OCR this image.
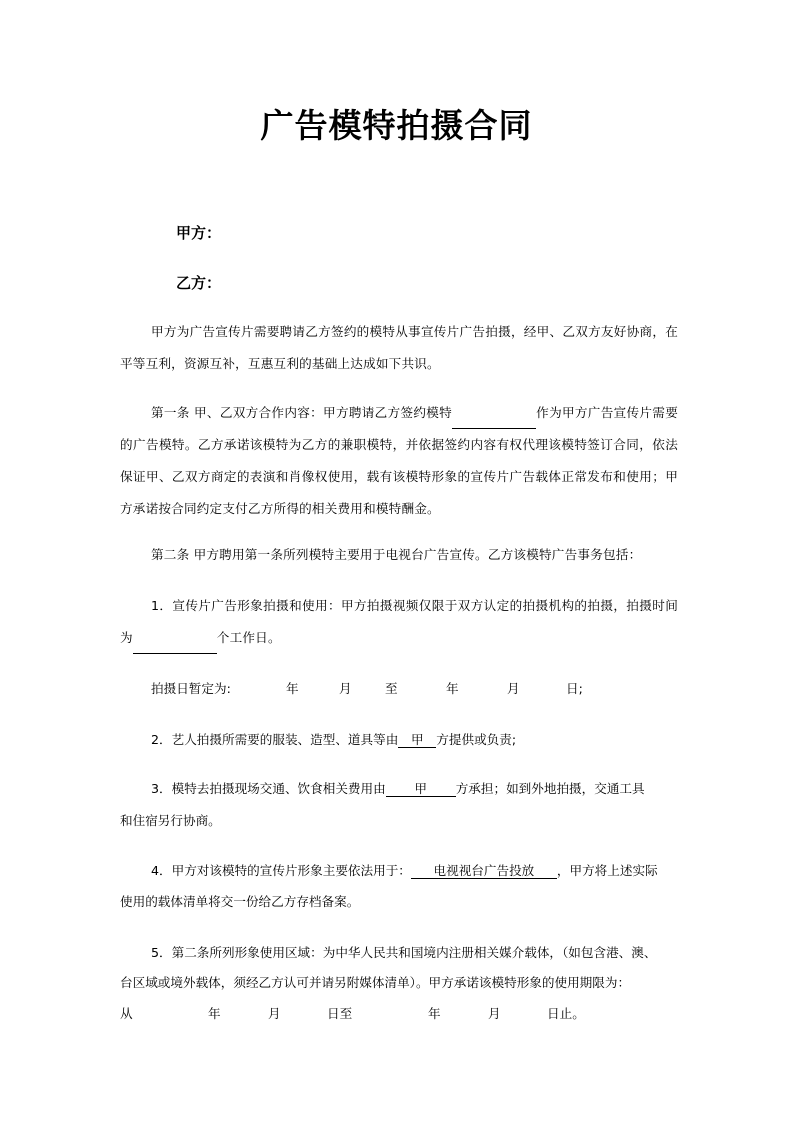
广告模特拍摄合同
甲方：
乙方：
甲方为广告宣传片需要聘请乙方签约的模特从事宣传片广告拍摄，经甲、乙双方友好协商，在平等互利，资源互补，互惠互利的基础上达成如下共识。
第一条 甲、乙双方合作内容：甲方聘请乙方签约模特	作为甲方广告宣传片需要的广告模特。乙方承诺该模特为乙方的兼职模特，并依据签约内容有权代理该模特签订合同，依法保证甲、乙双方商定的表演和肖像权使用，载有该模特形象的宣传片广告载体正常发布和使用；甲方承诺按合同约定支付乙方所得的相关费用和模特酬金。
第二条 甲方聘用第一条所列模特主要用于电视台广告宣传。乙方该模特广告事务包括：
1．宣传片广告形象拍摄和使用：甲方拍摄视频仅限于双方认定的拍摄机构的拍摄，拍摄时间为	个工作日。
拍摄日暂定为:	年	月	至	年	月	日;
2．艺人拍摄所需要的服装、造型、道具等由 甲 方提供或负责;
3．模特去拍摄现场交通、饮食相关费用由 甲 方承担；如到外地拍摄，交通工具
和住宿另行协商。
4．甲方对该模特的宣传片形象主要依法用于： 电视视台广告投放 ，甲方将上述实际
使用的载体清单将交一份给乙方存档备案。
5．第二条所列形象使用区域：为中华人民共和国境内注册相关媒介载体，（如包含港、澳、
台区域或境外载体，须经乙方认可并请另附媒体清单）。甲方承诺该模特形象的使用期限为：
从	年	月	日至	年	月	日止。
